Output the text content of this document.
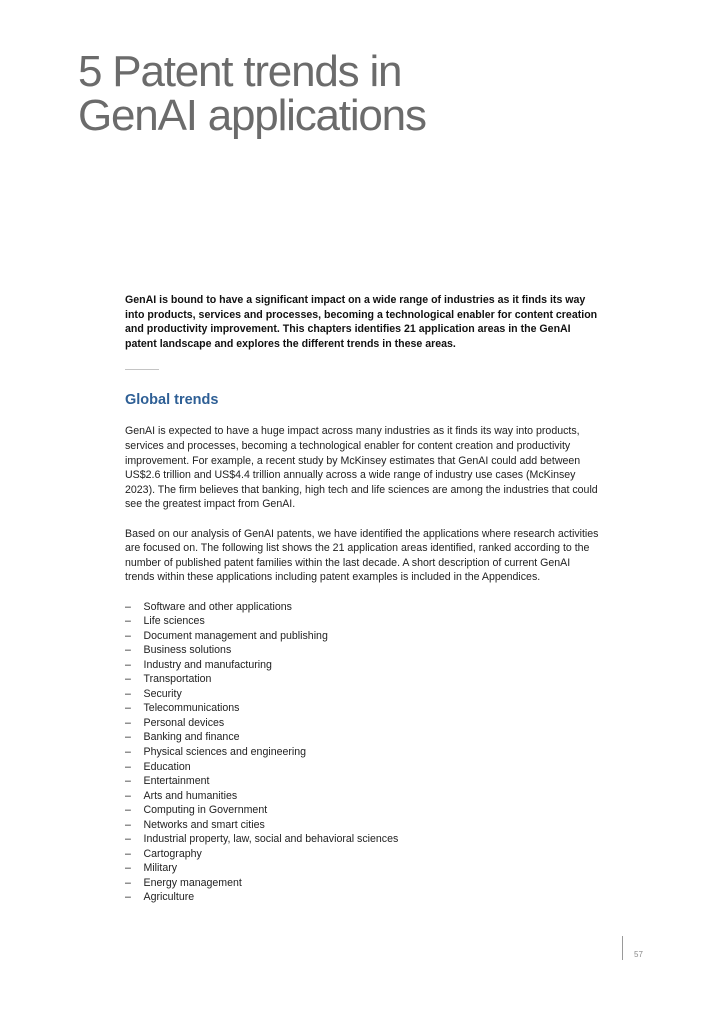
5 Patent trends in
GenAI applications

GenAI is bound to have a significant impact on a wide range of industries as it finds its way into products, services and processes, becoming a technological enabler for content creation and productivity improvement. This chapters identifies 21 application areas in the GenAI patent landscape and explores the different trends in these areas.

Global trends

GenAI is expected to have a huge impact across many industries as it finds its way into products, services and processes, becoming a technological enabler for content creation and productivity improvement. For example, a recent study by McKinsey estimates that GenAI could add between US$2.6 trillion and US$4.4 trillion annually across a wide range of industry use cases (McKinsey 2023). The firm believes that banking, high tech and life sciences are among the industries that could see the greatest impact from GenAI.

Based on our analysis of GenAI patents, we have identified the applications where research activities are focused on. The following list shows the 21 application areas identified, ranked according to the number of published patent families within the last decade. A short description of current GenAI trends within these applications including patent examples is included in the Appendices.

– Software and other applications
– Life sciences
– Document management and publishing
– Business solutions
– Industry and manufacturing
– Transportation
– Security
– Telecommunications
– Personal devices
– Banking and finance
– Physical sciences and engineering
– Education
– Entertainment
– Arts and humanities
– Computing in Government
– Networks and smart cities
– Industrial property, law, social and behavioral sciences
– Cartography
– Military
– Energy management
– Agriculture
57
